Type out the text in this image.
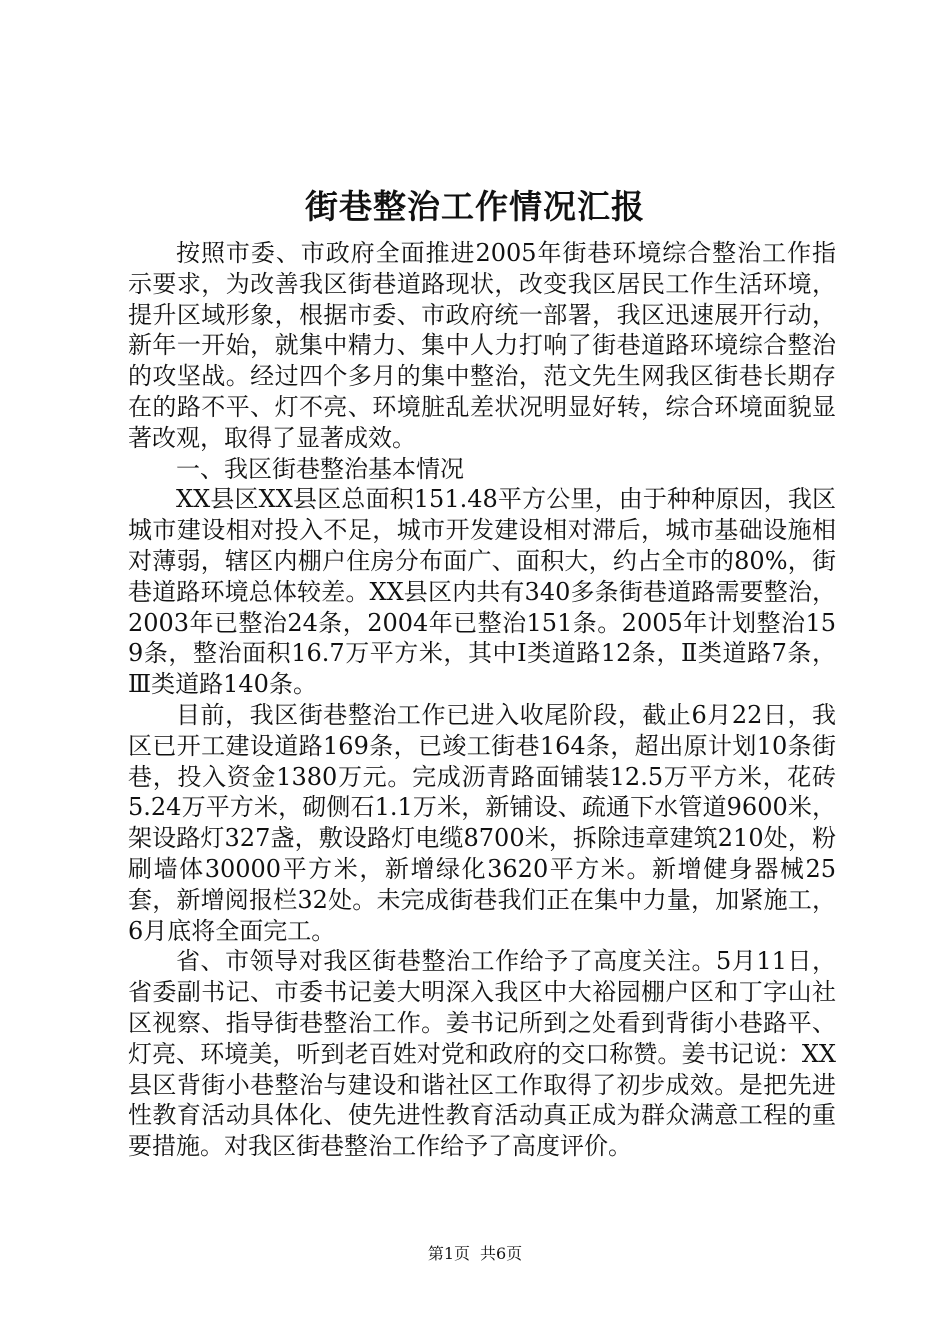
街巷整治工作情况汇报

按照市委、市政府全面推进2005年街巷环境综合整治工作指示要求，为改善我区街巷道路现状，改变我区居民工作生活环境，提升区域形象，根据市委、市政府统一部署，我区迅速展开行动，新年一开始，就集中精力、集中人力打响了街巷道路环境综合整治的攻坚战。经过四个多月的集中整治，范文先生网我区街巷长期存在的路不平、灯不亮、环境脏乱差状况明显好转，综合环境面貌显著改观，取得了显著成效。

一、我区街巷整治基本情况

XX县区XX县区总面积151.48平方公里，由于种种原因，我区城市建设相对投入不足，城市开发建设相对滞后，城市基础设施相对薄弱，辖区内棚户住房分布面广、面积大，约占全市的80%，街巷道路环境总体较差。XX县区内共有340多条街巷道路需要整治，2003年已整治24条，2004年已整治151条。2005年计划整治159条，整治面积16.7万平方米，其中Ⅰ类道路12条，Ⅱ类道路7条，Ⅲ类道路140条。

目前，我区街巷整治工作已进入收尾阶段，截止6月22日，我区已开工建设道路169条，已竣工街巷164条，超出原计划10条街巷，投入资金1380万元。完成沥青路面铺装12.5万平方米，花砖5.24万平方米，砌侧石1.1万米，新铺设、疏通下水管道9600米，架设路灯327盏，敷设路灯电缆8700米，拆除违章建筑210处，粉刷墙体30000平方米，新增绿化3620平方米。新增健身器械25套，新增阅报栏32处。未完成街巷我们正在集中力量，加紧施工，6月底将全面完工。

省、市领导对我区街巷整治工作给予了高度关注。5月11日，省委副书记、市委书记姜大明深入我区中大裕园棚户区和丁字山社区视察、指导街巷整治工作。姜书记所到之处看到背街小巷路平、灯亮、环境美，听到老百姓对党和政府的交口称赞。姜书记说：XX县区背街小巷整治与建设和谐社区工作取得了初步成效。是把先进性教育活动具体化、使先进性教育活动真正成为群众满意工程的重要措施。对我区街巷整治工作给予了高度评价。

第1页 共6页
